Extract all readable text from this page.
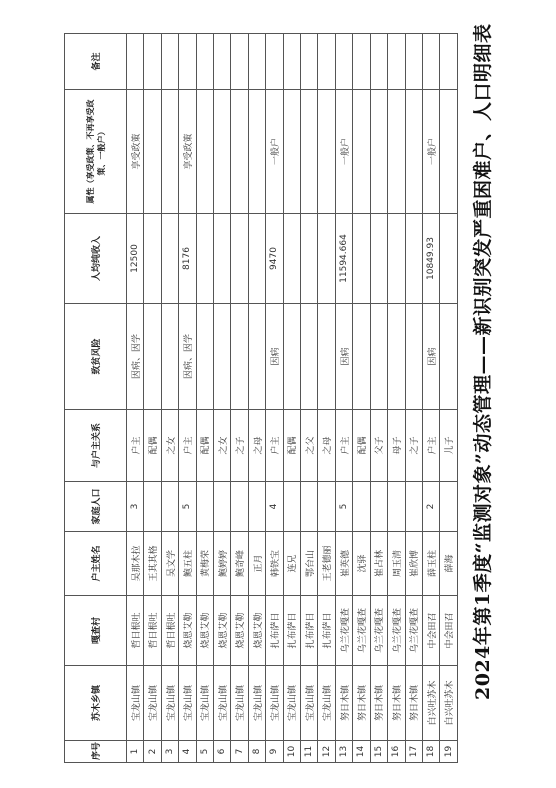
2024年第1季度“监测对象”动态管理——新识别突发严重困难户、人口明细表
序号	苏木乡镇	嘎查村	户主姓名	家庭人口	与户主关系	致贫风险	人均纯收入	属性（享受政策、不再享受政策、一般户）	备注
1	宝龙山镇	哲日根吐	吴那木拉	3	户主	因病、因学	12500	享受政策	
2	宝龙山镇	哲日根吐	王其其格		配偶				
3	宝龙山镇	哲日根吐	吴文学		之女				
4	宝龙山镇	烧恩艾勒	鲍五柱	5	户主	因病、因学	8176	享受政策	
5	宝龙山镇	烧恩艾勒	黄梅荣		配偶				
6	宝龙山镇	烧恩艾勒	鲍婷婷		之女				
7	宝龙山镇	烧恩艾勒	鲍奇峰		之子				
8	宝龙山镇	烧恩艾勒	正月		之母				
9	宝龙山镇	扎布萨日	韩铁宝	4	户主	因病	9470	一般户	
10	宝龙山镇	扎布萨日	连兄		配偶				
11	宝龙山镇	扎布萨日	鄂台山		之父				
12	宝龙山镇	扎布萨日	王老德丽		之母				
13	努日木镇	乌兰花嘎查	崔英德	5	户主	因病	11594.664	一般户	
14	努日木镇	乌兰花嘎查	沈驿		配偶				
15	努日木镇	乌兰花嘎查	崔占林		父子				
16	努日木镇	乌兰花嘎查	周玉清		母子				
17	努日木镇	乌兰花嘎查	崔欣博		之子				
18	白兴吐苏木	中会田召	薛玉柱	2	户主	因病	10849.93	一般户	
19	白兴吐苏木	中会田召	薛海		儿子				
